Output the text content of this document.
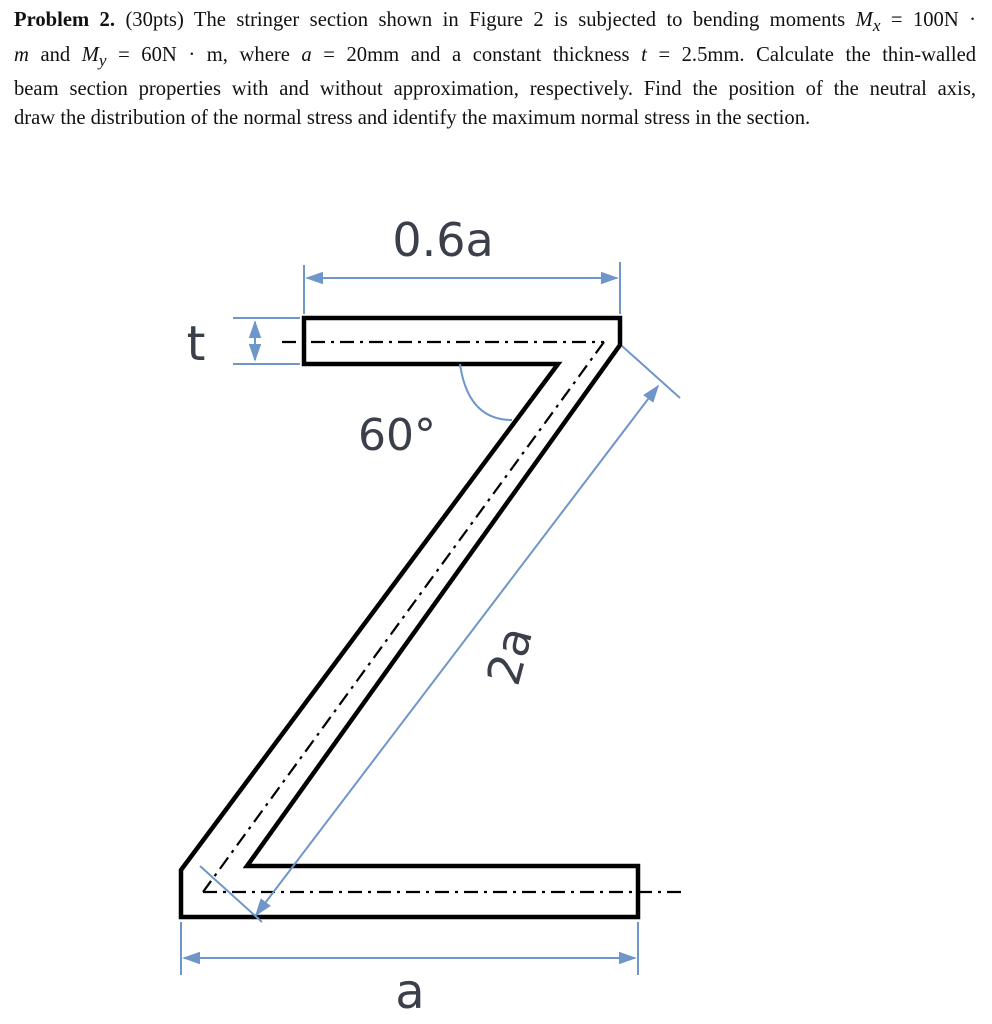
Problem 2. (30pts) The stringer section shown in Figure 2 is subjected to bending moments $M_x = 100N$ ·
m and $M_y = 60N \cdot m$, where a = 20mm and a constant thickness t = 2.5mm. Calculate the thin-walled
beam section properties with and without approximation, respectively. Find the position of the neutral axis,
draw the distribution of the normal stress and identify the maximum normal stress in the section.
0.6a
t
60°
2a
a
